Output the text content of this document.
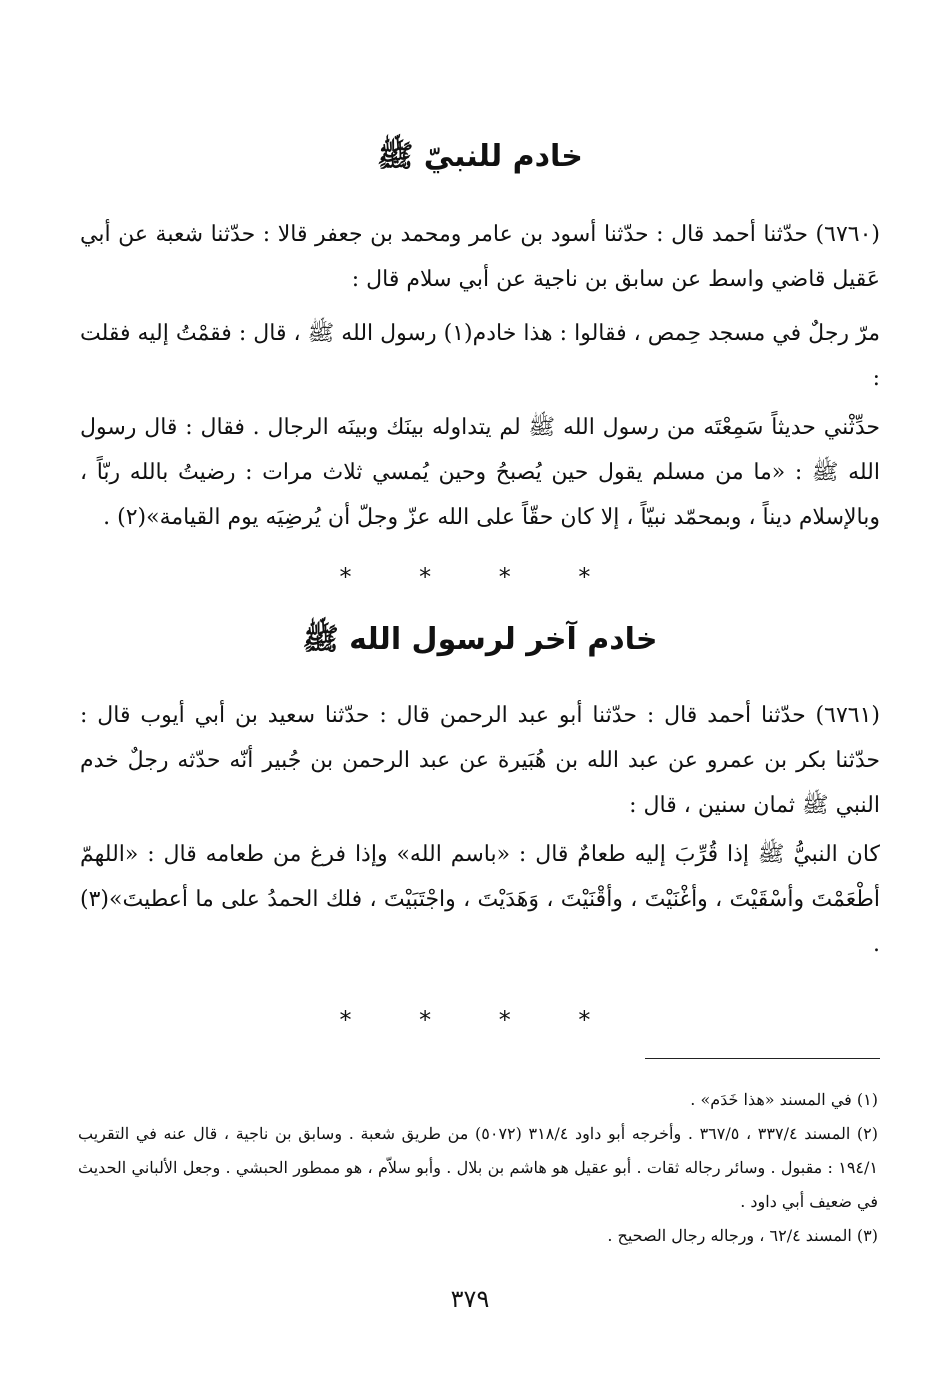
خادم للنبيّ ﷺ

(٦٧٦٠) حدّثنا أحمد قال : حدّثنا أسود بن عامر ومحمد بن جعفر قالا : حدّثنا شعبة عن أبي عَقيل قاضي واسط عن سابق بن ناجية عن أبي سلام قال :

مرّ رجلٌ في مسجد حِمص ، فقالوا : هذا خادم(١) رسول الله ﷺ ، قال : فقمْتُ إليه فقلت :

حدِّثْني حديثاً سَمِعْتَه من رسول الله ﷺ لم يتداوله بينَك وبينَه الرجال . فقال : قال رسول الله ﷺ : «ما من مسلم يقول حين يُصبحُ وحين يُمسي ثلاث مرات : رضيتُ بالله ربّاً ، وبالإسلام ديناً ، وبمحمّد نبيّاً ، إلا كان حقّاً على الله عزّ وجلّ أن يُرضِيَه يوم القيامة»(٢) .

* * * *
خادم آخر لرسول الله ﷺ

(٦٧٦١) حدّثنا أحمد قال : حدّثنا أبو عبد الرحمن قال : حدّثنا سعيد بن أبي أيوب قال : حدّثنا بكر بن عمرو عن عبد الله بن هُبَيرة عن عبد الرحمن بن جُبير أنّه حدّثه رجلٌ خدم النبي ﷺ ثمان سنين ، قال :

كان النبيُّ ﷺ إذا قُرِّبَ إليه طعامٌ قال : «باسم الله» وإذا فرغ من طعامه قال : «اللهمّ أطْعَمْتَ وأسْقَيْتَ ، وأغْنَيْتَ ، وأقْنَيْتَ ، وَهَدَيْتَ ، واجْتَبَيْتَ ، فلك الحمدُ على ما أعطيتَ»(٣) .

* * * *
(١) في المسند «هذا خَدَم» .
(٢) المسند ٣٣٧/٤ ، ٣٦٧/٥ . وأخرجه أبو داود ٣١٨/٤ (٥٠٧٢) من طريق شعبة . وسابق بن ناجية ، قال عنه في التقريب ١٩٤/١ : مقبول . وسائر رجاله ثقات . أبو عقيل هو هاشم بن بلال . وأبو سلاّم ، هو ممطور الحبشي . وجعل الألباني الحديث في ضعيف أبي داود .
(٣) المسند ٦٢/٤ ، ورجاله رجال الصحيح .
٣٧٩
